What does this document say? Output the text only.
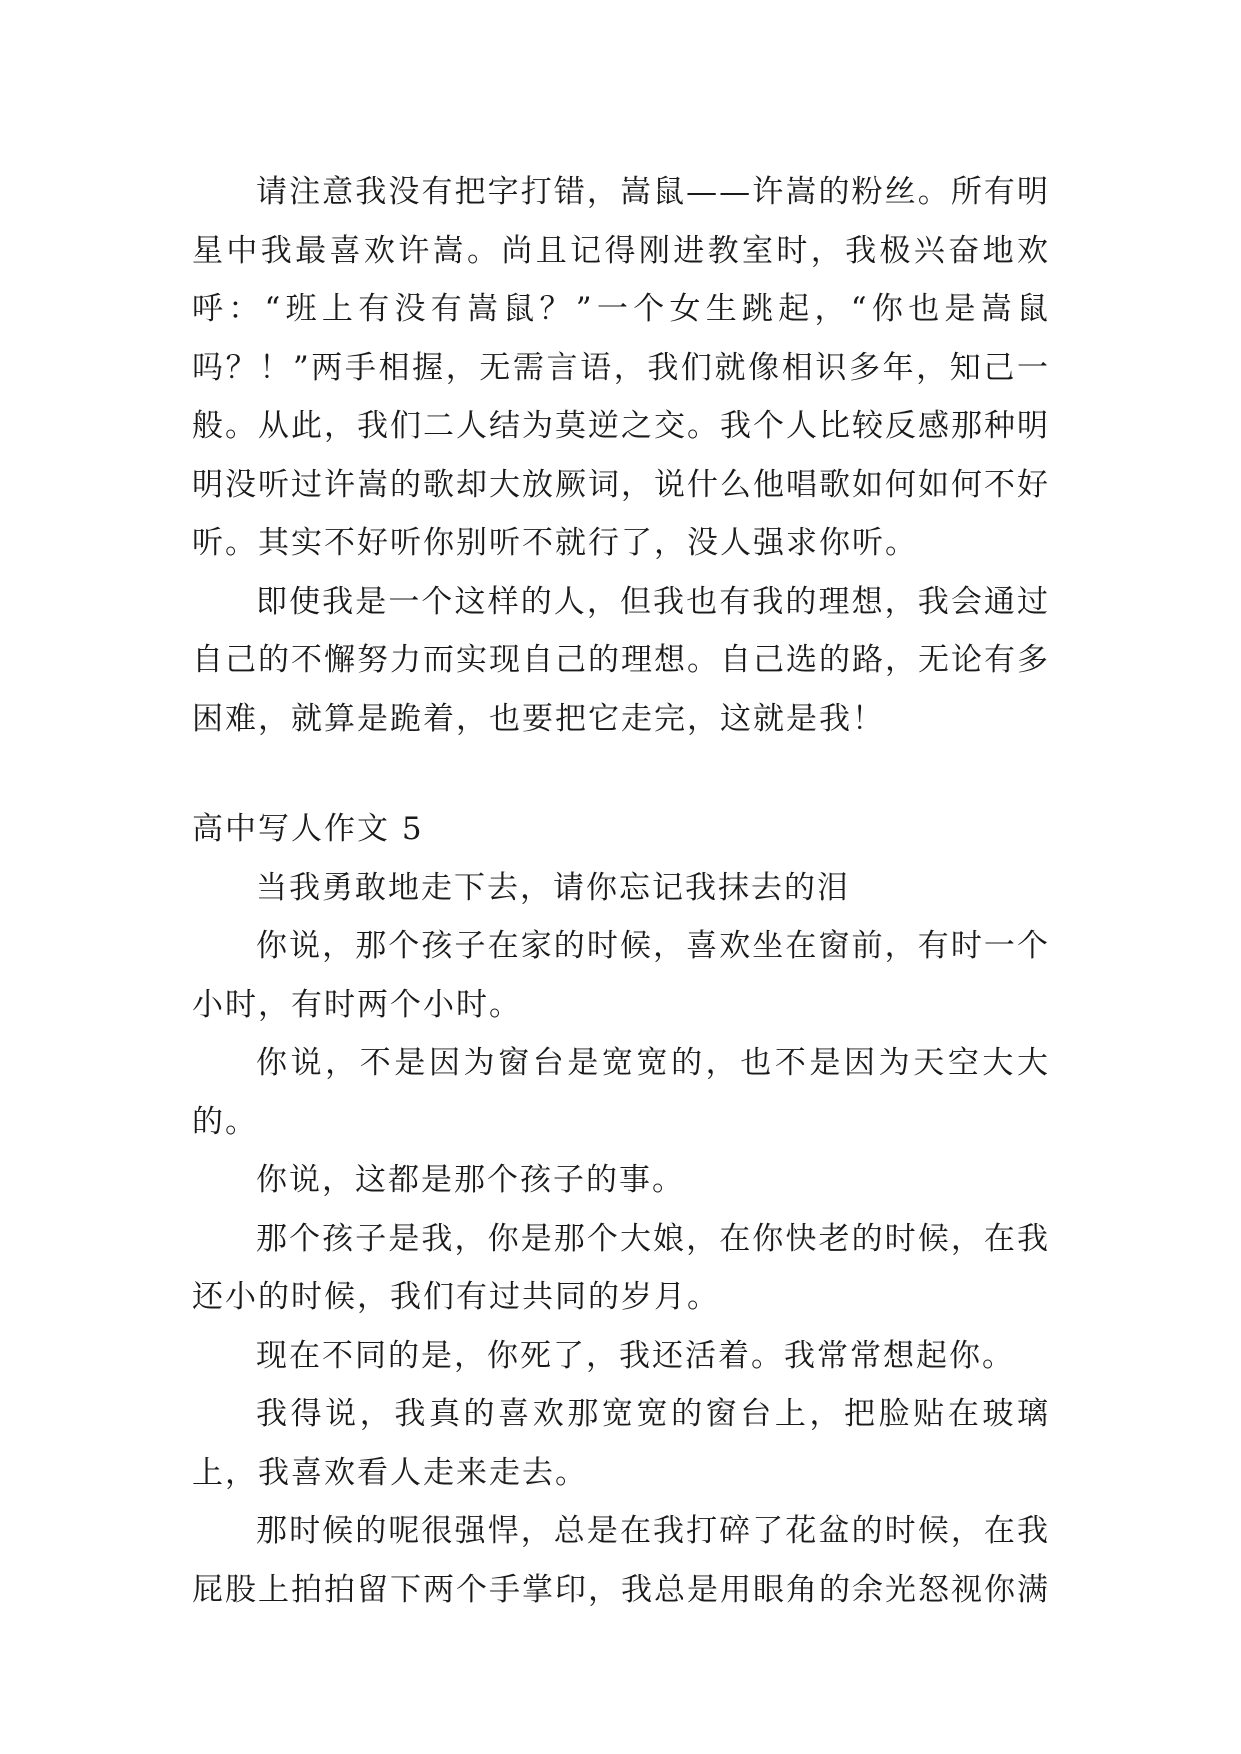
请注意我没有把字打错，嵩鼠——许嵩的粉丝。所有明星中我最喜欢许嵩。尚且记得刚进教室时，我极兴奋地欢呼：“班上有没有嵩鼠？”一个女生跳起，“你也是嵩鼠吗？！”两手相握，无需言语，我们就像相识多年，知己一般。从此，我们二人结为莫逆之交。我个人比较反感那种明明没听过许嵩的歌却大放厥词，说什么他唱歌如何如何不好听。其实不好听你别听不就行了，没人强求你听。

即使我是一个这样的人，但我也有我的理想，我会通过自己的不懈努力而实现自己的理想。自己选的路，无论有多困难，就算是跪着，也要把它走完，这就是我！

高中写人作文 5

当我勇敢地走下去，请你忘记我抹去的泪

你说，那个孩子在家的时候，喜欢坐在窗前，有时一个小时，有时两个小时。

你说，不是因为窗台是宽宽的，也不是因为天空大大的。

你说，这都是那个孩子的事。

那个孩子是我，你是那个大娘，在你快老的时候，在我还小的时候，我们有过共同的岁月。

现在不同的是，你死了，我还活着。我常常想起你。

我得说，我真的喜欢那宽宽的窗台上，把脸贴在玻璃上，我喜欢看人走来走去。

那时候的呢很强悍，总是在我打碎了花盆的时候，在我屁股上拍拍留下两个手掌印，我总是用眼角的余光怒视你满
